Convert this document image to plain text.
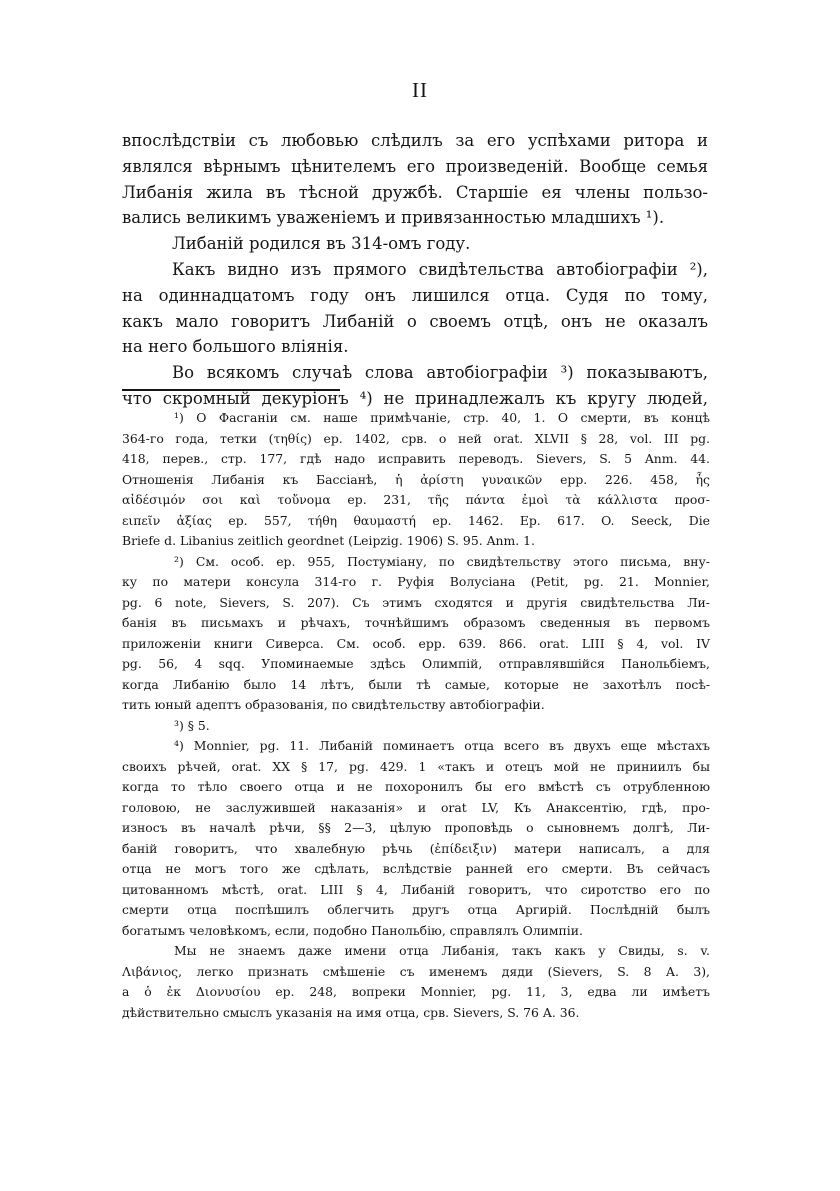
II
впослѣдствіи съ любовью слѣдилъ за его успѣхами ритора и
являлся вѣрнымъ цѣнителемъ его произведеній. Вообще семья
Либанія жила въ тѣсной дружбѣ. Старшіе ея члены пользо-
вались великимъ уваженіемъ и привязанностью младшихъ ¹).
Либаній родился въ 314-омъ году.
Какъ видно изъ прямого свидѣтельства автобіографіи ²),
на одиннадцатомъ году онъ лишился отца. Судя по тому,
какъ мало говоритъ Либаній о своемъ отцѣ, онъ не оказалъ
на него большого вліянія.
Во всякомъ случаѣ слова автобіографіи ³) показываютъ,
что скромный декуріонъ ⁴) не принадлежалъ къ кругу людей,
¹) О Фасганіи см. наше примѣчаніе, стр. 40, 1. О смерти, въ концѣ
364-го года, тетки (τηθίς) ер. 1402, срв. о ней orat. XLVII § 28, vol. III pg.
418, перев., стр. 177, гдѣ надо исправить переводъ. Sievers, S. 5 Anm. 44.
Отношенія Либанія къ Бассіанѣ, ἡ ἀρίστη γυναικῶν epp. 226. 458, ἧς
αἰδέσιμόν σοι καὶ τοὔνομα ер. 231, τῆς πάντα ἐμοὶ τὰ κάλλιστα προσ-
ειπεῖν ἀξίας ер. 557, τήθη θαυμαστή ер. 1462. Ep. 617. O. Seeck, Die
Briefe d. Libanius zeitlich geordnet (Leipzig. 1906) S. 95. Anm. 1.
²) См. особ. ер. 955, Постуміану, по свидѣтельству этого письма, вну-
ку по матери консула 314-го г. Руфія Волусіана (Petit, pg. 21. Monnier,
pg. 6 note, Sievers, S. 207). Съ этимъ сходятся и другія свидѣтельства Ли-
банія въ письмахъ и рѣчахъ, точнѣйшимъ образомъ сведенныя въ первомъ
приложеніи книги Сиверса. См. особ. epp. 639. 866. orat. LIII § 4, vol. IV
pg. 56, 4 sqq. Упоминаемые здѣсь Олимпій, отправлявшійся Панольбіемъ,
когда Либанію было 14 лѣтъ, были тѣ самые, которые не захотѣлъ посѣ-
тить юный адептъ образованія, по свидѣтельству автобіографіи.
³) § 5.
⁴) Monnier, pg. 11. Либаній поминаетъ отца всего въ двухъ еще мѣстахъ
своихъ рѣчей, orat. XX § 17, pg. 429. 1 «такъ и отецъ мой не приниилъ бы
когда то тѣло своего отца и не похоронилъ бы его вмѣстѣ съ отрубленною
головою, не заслужившей наказанія» и orat LV, Къ Анаксентію, гдѣ, про-
износъ въ началѣ рѣчи, §§ 2—3, цѣлую проповѣдь о сыновнемъ долгѣ, Ли-
баній говоритъ, что хвалебную рѣчь (ἐπίδειξιν) матери написалъ, а для
отца не могъ того же сдѣлать, вслѣдствіе ранней его смерти. Въ сейчасъ
цитованномъ мѣстѣ, orat. LIII § 4, Либаній говоритъ, что сиротство его по
смерти отца поспѣшилъ облегчить другъ отца Аргирій. Послѣдній былъ
богатымъ человѣкомъ, если, подобно Панольбію, справлялъ Олимпіи.
Мы не знаемъ даже имени отца Либанія, такъ какъ у Свиды, s. v.
Λιβάνιος, легко признать смѣшеніе съ именемъ дяди (Sievers, S. 8 A. 3),
а ὁ ἐκ Διονυσίου ер. 248, вопреки Monnier, pg. 11, 3, едва ли имѣетъ
дѣйствительно смыслъ указанія на имя отца, срв. Sievers, S. 76 A. 36.
